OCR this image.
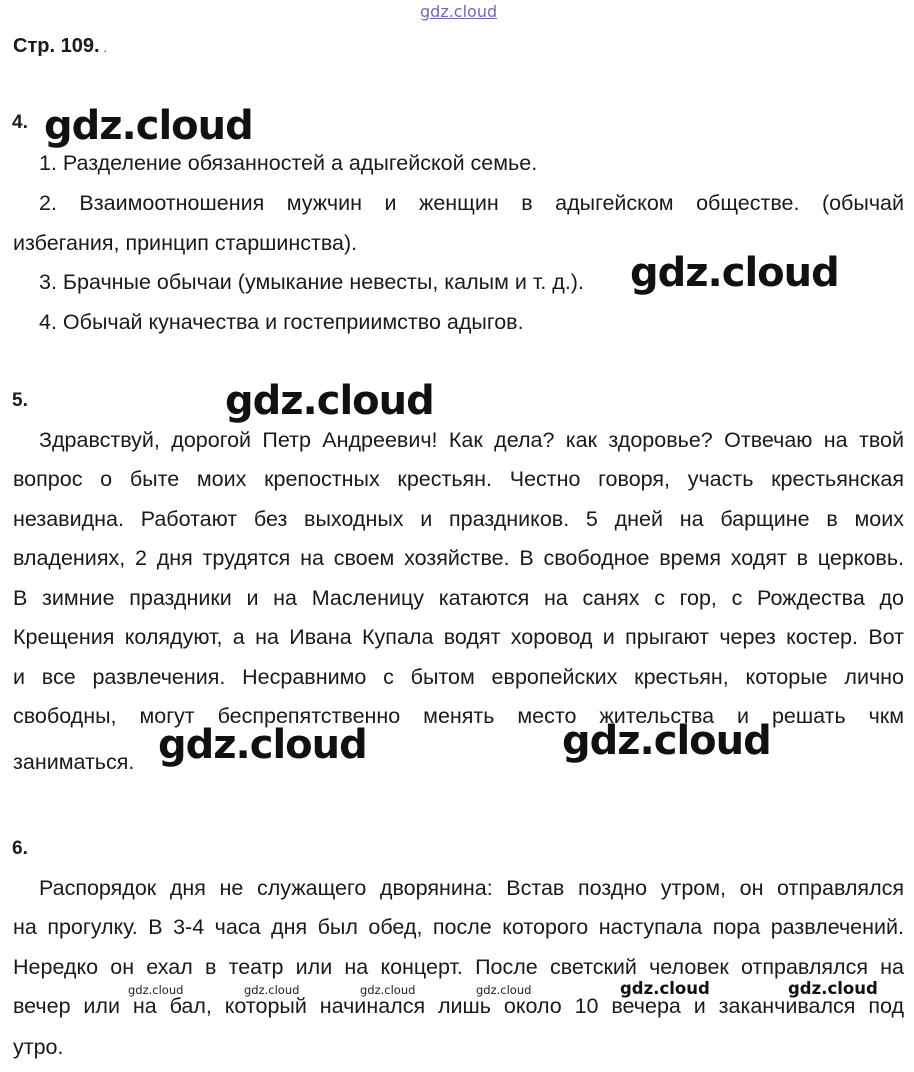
gdz.cloud
Стр. 109. .
4. gdz.cloud
1. Разделение обязанностей а адыгейской семье.
2. Взаимоотношения мужчин и женщин в адыгейском обществе. (обычай
избегания, принцип старшинства).
3. Брачные обычаи (умыкание невесты, калым и т. д.).	gdz.cloud
4. Обычай куначества и гостеприимство адыгов.
5.	gdz.cloud
Здравствуй, дорогой Петр Андреевич! Как дела? как здоровье? Отвечаю на твой
вопрос о быте моих крепостных крестьян. Честно говоря, участь крестьянская
незавидна. Работают без выходных и праздников. 5 дней на барщине в моих
владениях, 2 дня трудятся на своем хозяйстве. В свободное время ходят в церковь.
В зимние праздники и на Масленицу катаются на санях с гор, с Рождества до
Крещения колядуют, а на Ивана Купала водят хоровод и прыгают через костер. Вот
и все развлечения. Несравнимо с бытом европейских крестьян, которые лично
свободны, могут беспрепятственно менять место жительства и решать чкм
заниматься. gdz.cloud	gdz.cloud
6.
Распорядок дня не служащего дворянина: Встав поздно утром, он отправлялся
на прогулку. В 3-4 часа дня был обед, после которого наступала пора развлечений.
Нередко он ехал в театр или на концерт. После светский человек отправлялся на
gdz.cloud	gdz.cloud	gdz.cloud	gdz.cloud	gdz.cloud	gdz.cloud
вечер или на бал, который начинался лишь около 10 вечера и заканчивался под
утро.
